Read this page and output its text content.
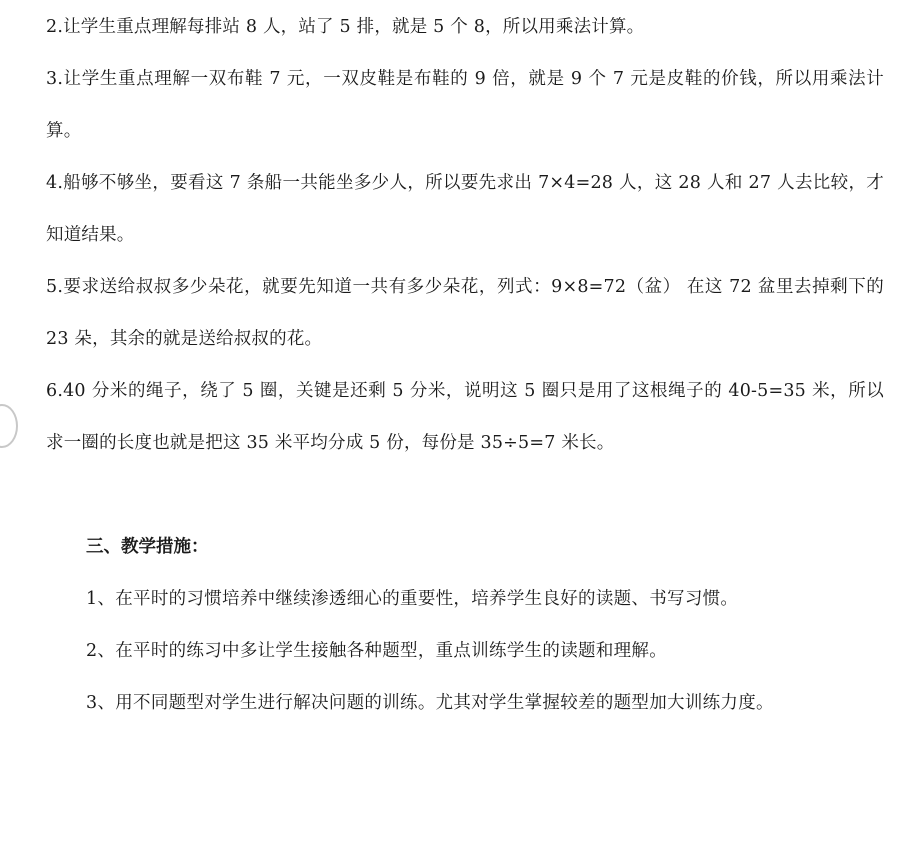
2.让学生重点理解每排站 8 人，站了 5 排，就是 5 个 8，所以用乘法计算。

3.让学生重点理解一双布鞋 7 元，一双皮鞋是布鞋的 9 倍，就是 9 个 7 元是皮鞋的价钱，所以用乘法计算。

4.船够不够坐，要看这 7 条船一共能坐多少人，所以要先求出 7×4=28 人，这 28 人和 27 人去比较，才知道结果。

5.要求送给叔叔多少朵花，就要先知道一共有多少朵花，列式：9×8=72（盆） 在这 72 盆里去掉剩下的 23 朵，其余的就是送给叔叔的花。

6.40 分米的绳子，绕了 5 圈，关键是还剩 5 分米，说明这 5 圈只是用了这根绳子的 40-5=35 米，所以求一圈的长度也就是把这 35 米平均分成 5 份，每份是 35÷5=7 米长。

三、教学措施：

1、在平时的习惯培养中继续渗透细心的重要性，培养学生良好的读题、书写习惯。

2、在平时的练习中多让学生接触各种题型，重点训练学生的读题和理解。

3、用不同题型对学生进行解决问题的训练。尤其对学生掌握较差的题型加大训练力度。
